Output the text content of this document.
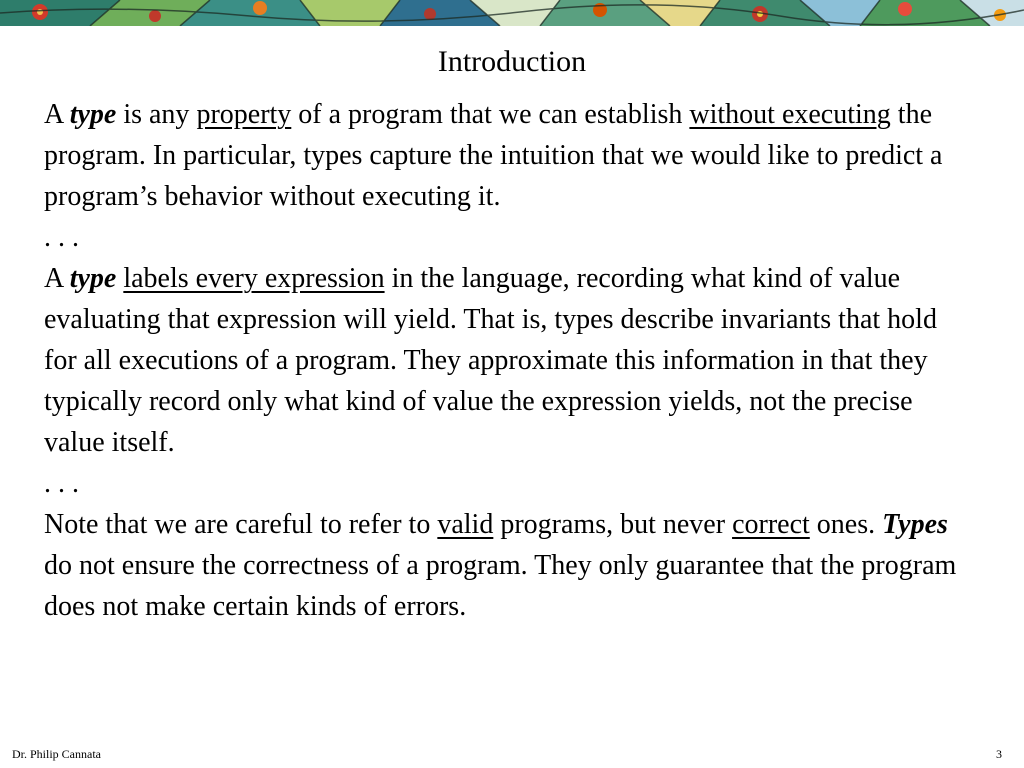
Introduction

A type is any property of a program that we can establish without executing the program. In particular, types capture the intuition that we would like to predict a program’s behavior without executing it.

. . .

A type labels every expression in the language, recording what kind of value evaluating that expression will yield. That is, types describe invariants that hold for all executions of a program. They approximate this information in that they typically record only what kind of value the expression yields, not the precise value itself.

. . .

Note that we are careful to refer to valid programs, but never correct ones. Types do not ensure the correctness of a program. They only guarantee that the program does not make certain kinds of errors.

Dr. Philip Cannata	3
